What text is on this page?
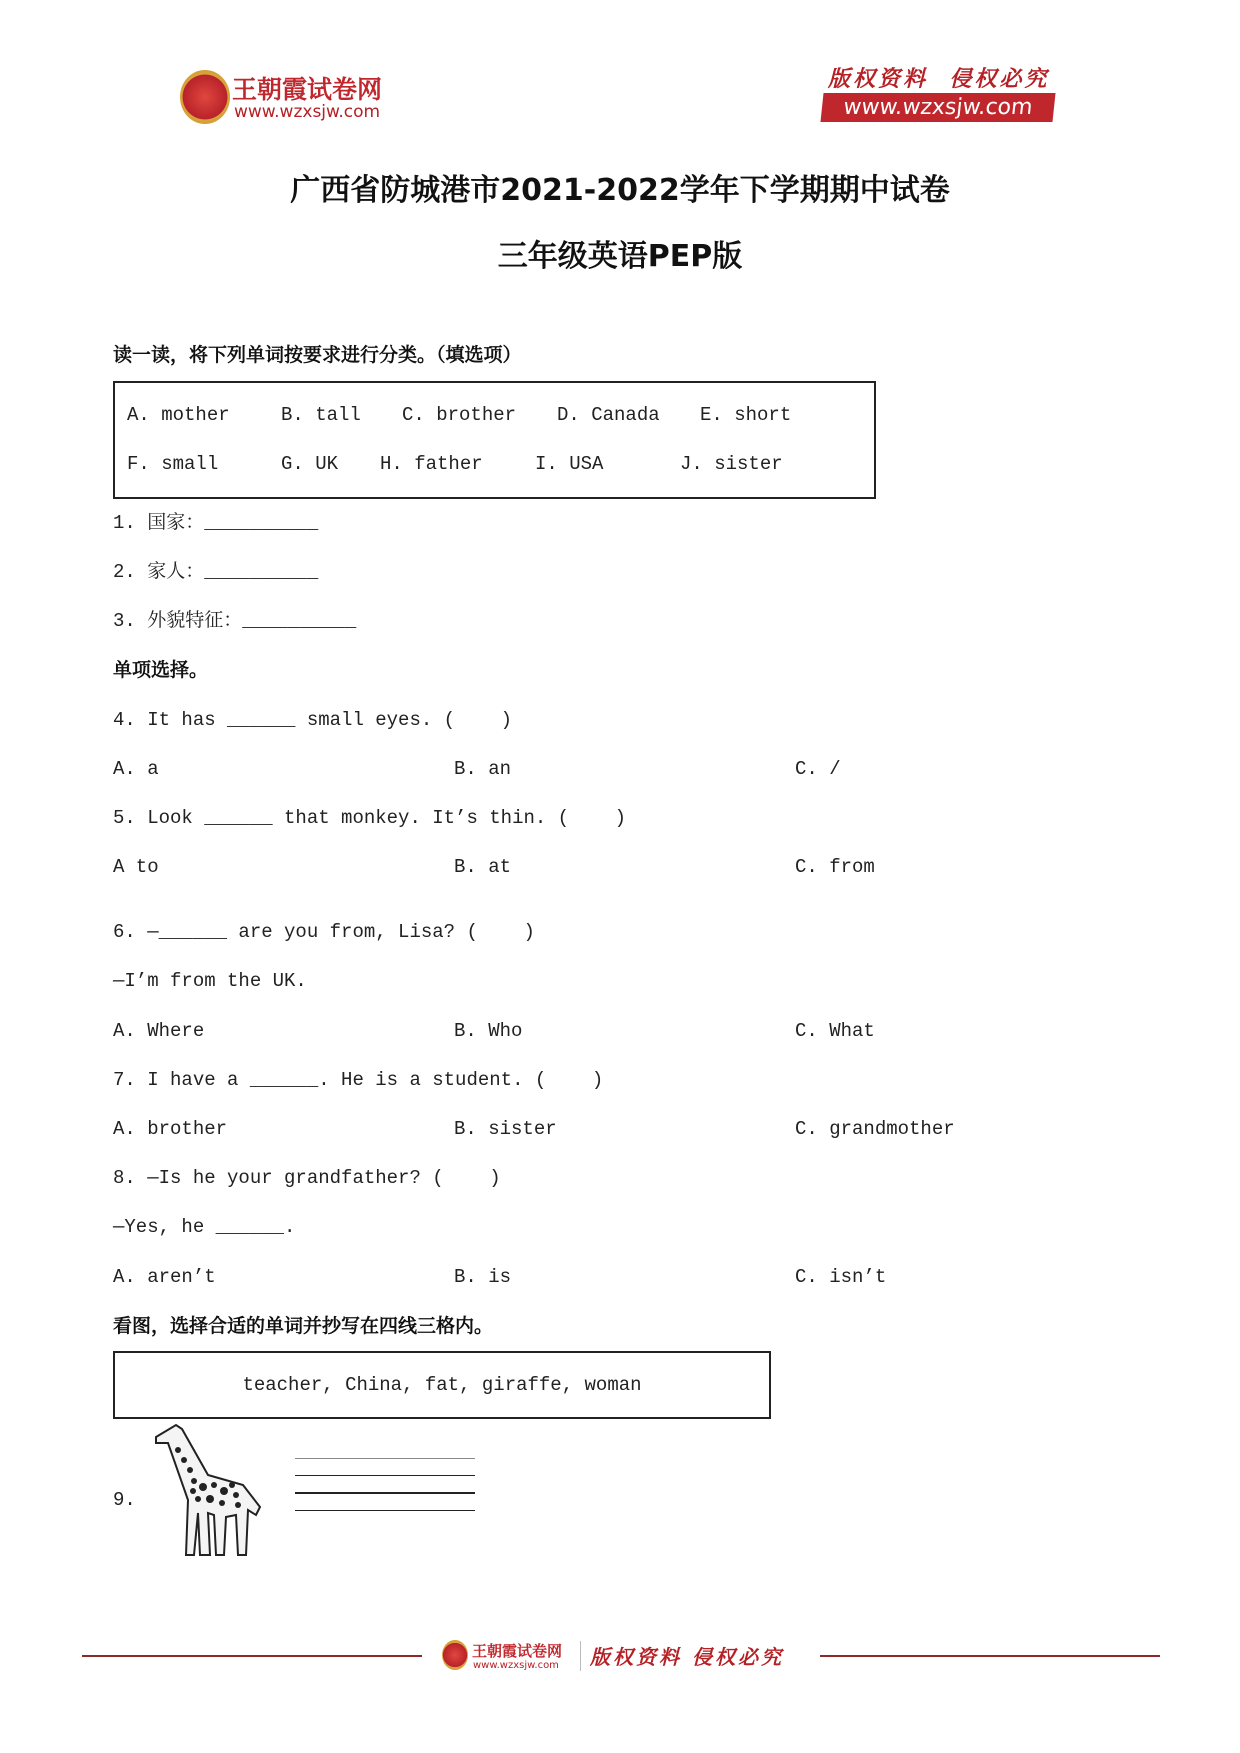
王朝霞试卷网
www.wzxsjw.com
版权资料  侵权必究
www.wzxsjw.com
广西省防城港市2021-2022学年下学期期中试卷
三年级英语PEP版
读一读，将下列单词按要求进行分类。（填选项）
A. mother	B. tall C. brother D. Canada E. short
F. small	G. UK H. father	I. USA	J. sister
1. 国家：__________
2. 家人：__________
3. 外貌特征：__________
单项选择。
4. It has ______ small eyes. (    )
A. a	B. an	C. /
5. Look ______ that monkey. It’s thin. (    )
A to	B. at	C. from
6. —______ are you from, Lisa? (    )
—I’m from the UK.
A. Where	B. Who	C. What
7. I have a ______. He is a student. (    )
A. brother	B. sister	C. grandmother
8. —Is he your grandfather? (    )
—Yes, he ______.
A. aren’t	B. is	C. isn’t
看图，选择合适的单词并抄写在四线三格内。
teacher, China, fat, giraffe, woman
9.
王朝霞试卷网
www.wzxsjw.com 版权资料 侵权必究
